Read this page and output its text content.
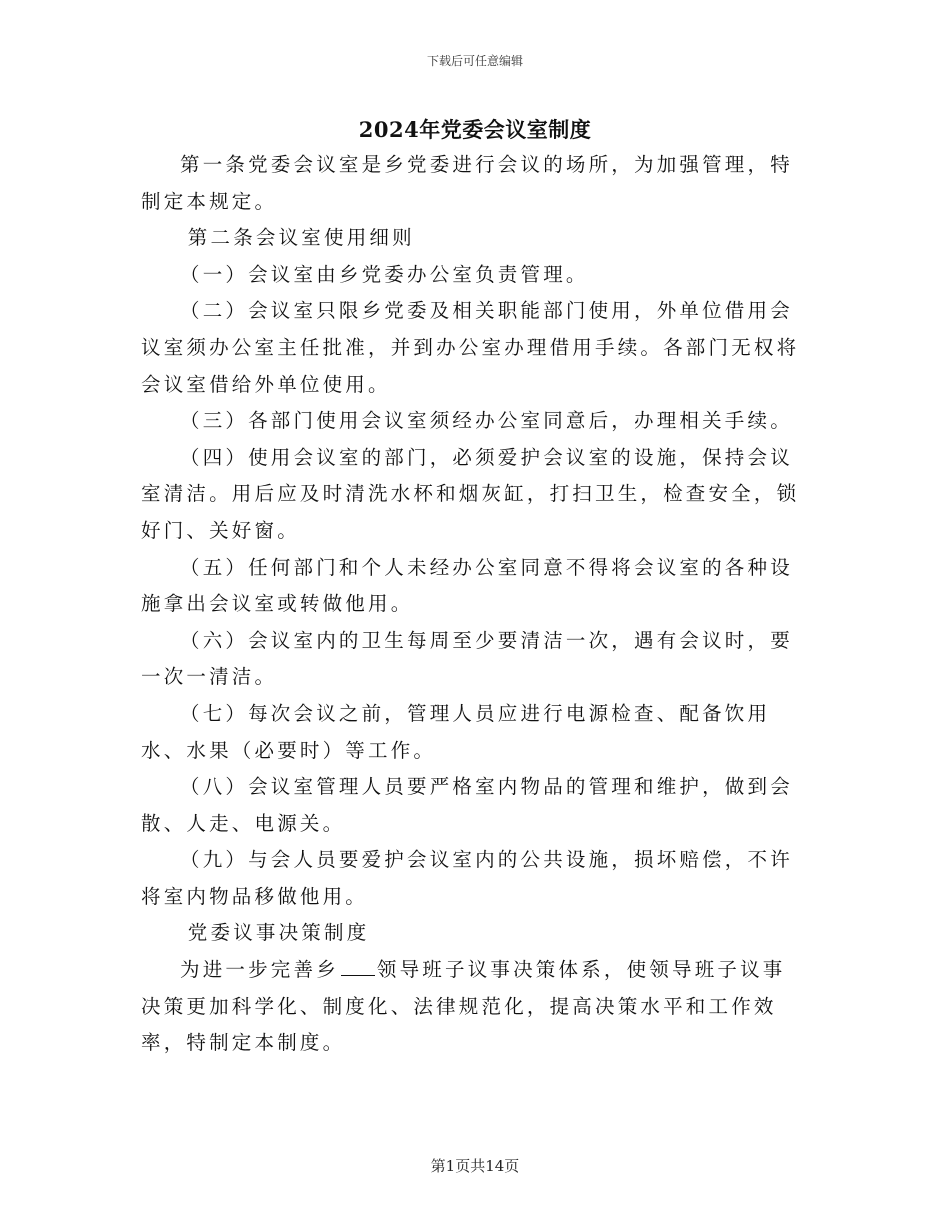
下载后可任意编辑
2024年党委会议室制度

第一条党委会议室是乡党委进行会议的场所，为加强管理，特制定本规定。

第二条会议室使用细则

（一）会议室由乡党委办公室负责管理。

（二）会议室只限乡党委及相关职能部门使用，外单位借用会议室须办公室主任批准，并到办公室办理借用手续。各部门无权将会议室借给外单位使用。

（三）各部门使用会议室须经办公室同意后，办理相关手续。

（四）使用会议室的部门，必须爱护会议室的设施，保持会议室清洁。用后应及时清洗水杯和烟灰缸，打扫卫生，检查安全，锁好门、关好窗。

（五）任何部门和个人未经办公室同意不得将会议室的各种设施拿出会议室或转做他用。

（六）会议室内的卫生每周至少要清洁一次，遇有会议时，要一次一清洁。

（七）每次会议之前，管理人员应进行电源检查、配备饮用水、水果（必要时）等工作。

（八）会议室管理人员要严格室内物品的管理和维护，做到会散、人走、电源关。

（九）与会人员要爱护会议室内的公共设施，损坏赔偿，不许将室内物品移做他用。

党委议事决策制度

为进一步完善乡 领导班子议事决策体系，使领导班子议事决策更加科学化、制度化、法律规范化，提高决策水平和工作效率，特制定本制度。

第1页共14页
